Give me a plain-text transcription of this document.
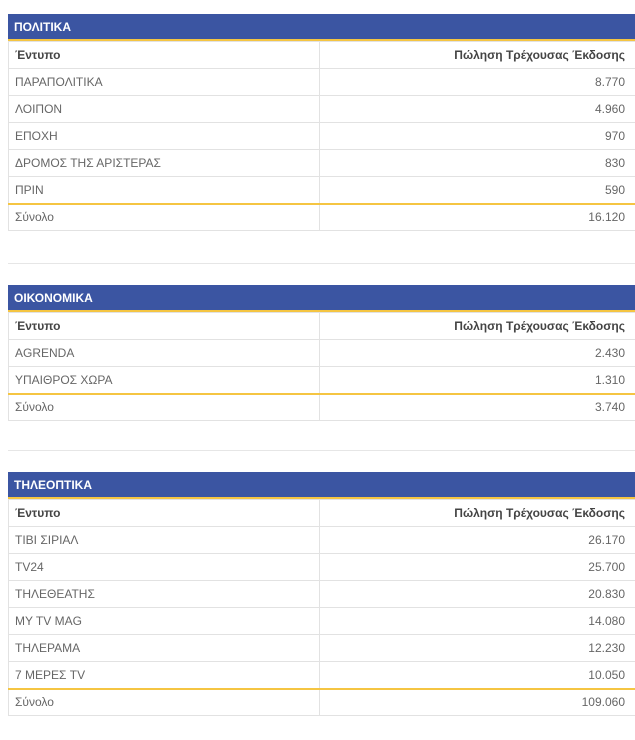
ΠΟΛΙΤΙΚΑ
Έντυπο	Πώληση Τρέχουσας Έκδοσης
ΠΑΡΑΠΟΛΙΤΙΚΑ	8.770
ΛΟΙΠΟΝ	4.960
ΕΠΟΧΗ	970
ΔΡΟΜΟΣ ΤΗΣ ΑΡΙΣΤΕΡΑΣ	830
ΠΡΙΝ	590
Σύνολο	16.120
ΟΙΚΟΝΟΜΙΚΑ
Έντυπο	Πώληση Τρέχουσας Έκδοσης
AGRENDA	2.430
ΥΠΑΙΘΡΟΣ ΧΩΡΑ	1.310
Σύνολο	3.740
ΤΗΛΕΟΠΤΙΚΑ
Έντυπο	Πώληση Τρέχουσας Έκδοσης
ΤΙΒΙ ΣΙΡΙΑΛ	26.170
TV24	25.700
ΤΗΛΕΘΕΑΤΗΣ	20.830
MY TV MAG	14.080
ΤΗΛΕΡΑΜΑ	12.230
7 ΜΕΡΕΣ TV	10.050
Σύνολο	109.060
